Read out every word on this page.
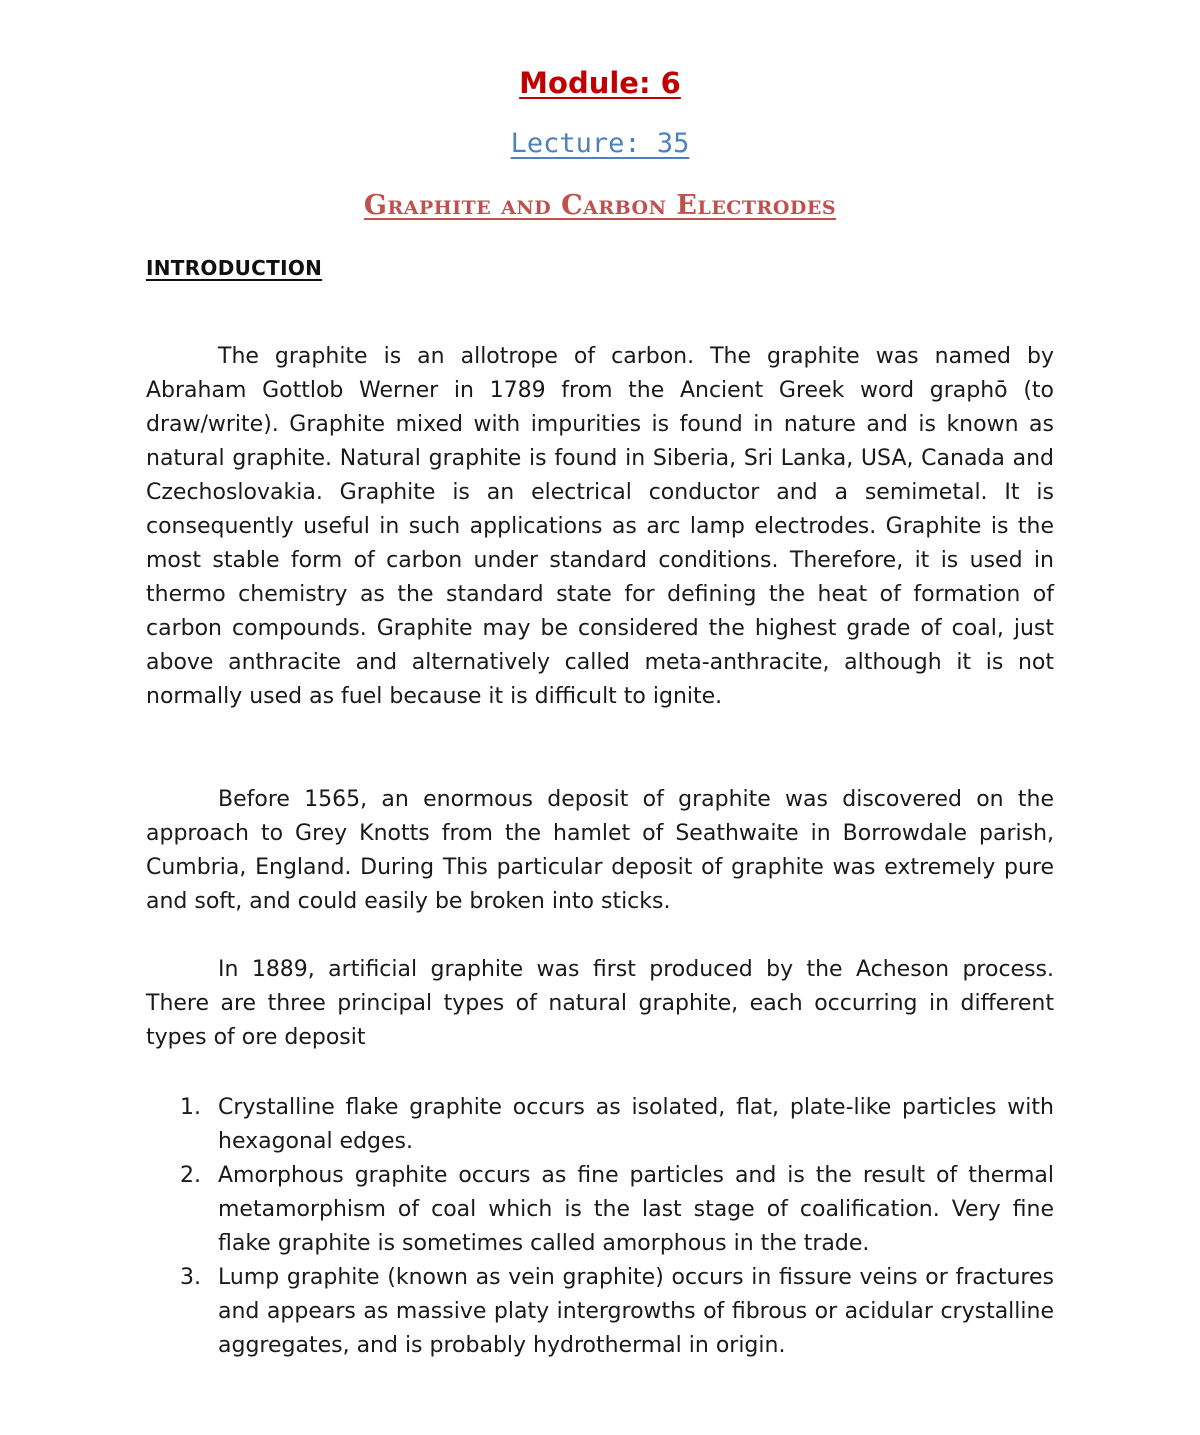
Module: 6
Lecture: 35
Graphite and Carbon Electrodes
INTRODUCTION

The graphite is an allotrope of carbon. The graphite was named by Abraham Gottlob Werner in 1789 from the Ancient Greek word graphō (to draw/write). Graphite mixed with impurities is found in nature and is known as natural graphite. Natural graphite is found in Siberia, Sri Lanka, USA, Canada and Czechoslovakia. Graphite is an electrical conductor and a semimetal. It is consequently useful in such applications as arc lamp electrodes. Graphite is the most stable form of carbon under standard conditions. Therefore, it is used in thermo chemistry as the standard state for defining the heat of formation of carbon compounds. Graphite may be considered the highest grade of coal, just above anthracite and alternatively called meta-anthracite, although it is not normally used as fuel because it is difficult to ignite.

Before 1565, an enormous deposit of graphite was discovered on the approach to Grey Knotts from the hamlet of Seathwaite in Borrowdale parish, Cumbria, England. During This particular deposit of graphite was extremely pure and soft, and could easily be broken into sticks.

In 1889, artificial graphite was first produced by the Acheson process. There are three principal types of natural graphite, each occurring in different types of ore deposit

1. Crystalline flake graphite occurs as isolated, flat, plate-like particles with hexagonal edges.
2. Amorphous graphite occurs as fine particles and is the result of thermal metamorphism of coal which is the last stage of coalification. Very fine flake graphite is sometimes called amorphous in the trade.
3. Lump graphite (known as vein graphite) occurs in fissure veins or fractures and appears as massive platy intergrowths of fibrous or acidular crystalline aggregates, and is probably hydrothermal in origin.
